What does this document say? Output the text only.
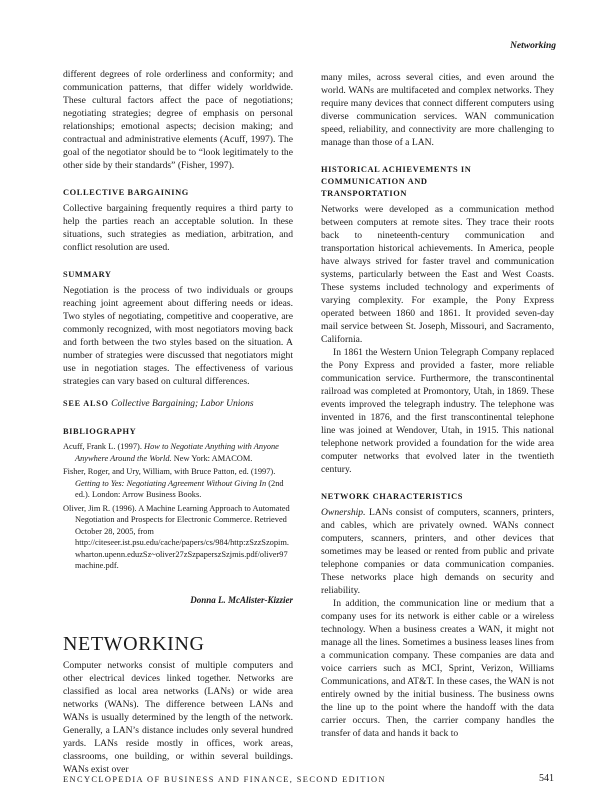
Networking

different degrees of role orderliness and conformity; and communication patterns, that differ widely worldwide. These cultural factors affect the pace of negotiations; negotiating strategies; degree of emphasis on personal relationships; emotional aspects; decision making; and contractual and administrative elements (Acuff, 1997). The goal of the negotiator should be to “look legitimately to the other side by their standards” (Fisher, 1997).

COLLECTIVE BARGAINING

Collective bargaining frequently requires a third party to help the parties reach an acceptable solution. In these situations, such strategies as mediation, arbitration, and conflict resolution are used.

SUMMARY

Negotiation is the process of two individuals or groups reaching joint agreement about differing needs or ideas. Two styles of negotiating, competitive and cooperative, are commonly recognized, with most negotiators moving back and forth between the two styles based on the situation. A number of strategies were discussed that negotiators might use in negotiation stages. The effectiveness of various strategies can vary based on cultural differences.

SEE ALSO Collective Bargaining; Labor Unions

BIBLIOGRAPHY
Acuff, Frank L. (1997). How to Negotiate Anything with Anyone Anywhere Around the World. New York: AMACOM.
Fisher, Roger, and Ury, William, with Bruce Patton, ed. (1997). Getting to Yes: Negotiating Agreement Without Giving In (2nd ed.). London: Arrow Business Books.
Oliver, Jim R. (1996). A Machine Learning Approach to Automated Negotiation and Prospects for Electronic Commerce. Retrieved October 28, 2005, from http://citeseer.ist.psu.edu/cache/papers/cs/984/http:zSzzSzopim.wharton.upenn.eduzSz~oliver27zSzpaperszSzjmis.pdf/oliver97machine.pdf.
Donna L. McAlister-Kizzier
NETWORKING

Computer networks consist of multiple computers and other electrical devices linked together. Networks are classified as local area networks (LANs) or wide area networks (WANs). The difference between LANs and WANs is usually determined by the length of the network. Generally, a LAN’s distance includes only several hundred yards. LANs reside mostly in offices, work areas, classrooms, one building, or within several buildings. WANs exist over

many miles, across several cities, and even around the world. WANs are multifaceted and complex networks. They require many devices that connect different computers using diverse communication services. WAN communication speed, reliability, and connectivity are more challenging to manage than those of a LAN.

HISTORICAL ACHIEVEMENTS IN
COMMUNICATION AND
TRANSPORTATION

Networks were developed as a communication method between computers at remote sites. They trace their roots back to nineteenth-century communication and transportation historical achievements. In America, people have always strived for faster travel and communication systems, particularly between the East and West Coasts. These systems included technology and experiments of varying complexity. For example, the Pony Express operated between 1860 and 1861. It provided seven-day mail service between St. Joseph, Missouri, and Sacramento, California.

In 1861 the Western Union Telegraph Company replaced the Pony Express and provided a faster, more reliable communication service. Furthermore, the transcontinental railroad was completed at Promontory, Utah, in 1869. These events improved the telegraph industry. The telephone was invented in 1876, and the first transcontinental telephone line was joined at Wendover, Utah, in 1915. This national telephone network provided a foundation for the wide area computer networks that evolved later in the twentieth century.

NETWORK CHARACTERISTICS

Ownership. LANs consist of computers, scanners, printers, and cables, which are privately owned. WANs connect computers, scanners, printers, and other devices that sometimes may be leased or rented from public and private telephone companies or data communication companies. These networks place high demands on security and reliability.

In addition, the communication line or medium that a company uses for its network is either cable or a wireless technology. When a business creates a WAN, it might not manage all the lines. Sometimes a business leases lines from a communication company. These companies are data and voice carriers such as MCI, Sprint, Verizon, Williams Communications, and AT&T. In these cases, the WAN is not entirely owned by the initial business. The business owns the line up to the point where the handoff with the data carrier occurs. Then, the carrier company handles the transfer of data and hands it back to

ENCYCLOPEDIA OF BUSINESS AND FINANCE, SECOND EDITION	541
